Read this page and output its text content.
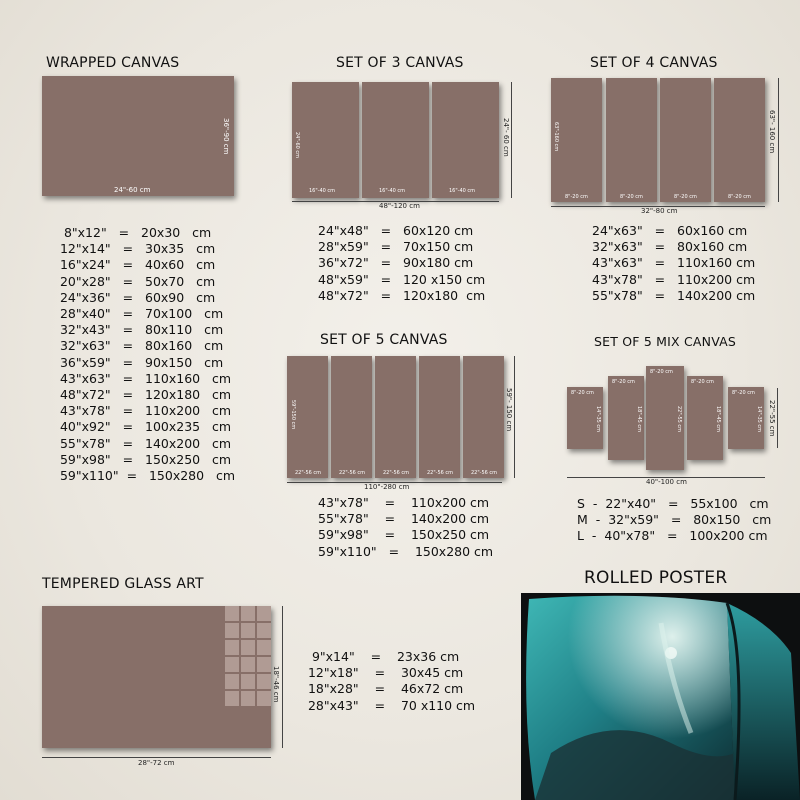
WRAPPED CANVAS
24"-60 cm
36"-90 cm
8"x12"   =   20x30   cm
12"x14"   =   30x35   cm
16"x24"   =   40x60   cm
20"x28"   =   50x70   cm
24"x36"   =   60x90   cm
28"x40"   =   70x100   cm
32"x43"   =   80x110   cm
32"x63"   =   80x160   cm
36"x59"   =   90x150   cm
43"x63"   =   110x160   cm
48"x72"   =   120x180   cm
43"x78"   =   110x200   cm
40"x92"   =   100x235   cm
55"x78"   =   140x200   cm
59"x98"   =   150x250   cm
59"x110"  =   150x280   cm
SET OF 3 CANVAS
16"-40 cm
24"-60 cm
16"-40 cm	16"-40 cm
48"-120 cm
24"- 60 cm
24"x48"   =   60x120 cm
28"x59"   =   70x150 cm
36"x72"   =   90x180 cm
48"x59"   =   120 x150 cm
48"x72"   =   120x180  cm
SET OF 4 CANVAS
8"-20 cm
63"-160 cm
8"-20 cm	8"-20 cm	8"-20 cm
32"-80 cm
63"- 160 cm
24"x63"   =   60x160 cm
32"x63"   =   80x160 cm
43"x63"   =   110x160 cm
43"x78"   =   110x200 cm
55"x78"   =   140x200 cm
SET OF 5 CANVAS
22"-56 cm
59"-150 cm
22"-56 cm	22"-56 cm	22"-56 cm	22"-56 cm
110"-280 cm
59"- 150 cm
43"x78"    =    110x200 cm
55"x78"    =    140x200 cm
59"x98"    =    150x250 cm
59"x110"   =    150x280 cm
SET OF 5 MIX CANVAS
8"-20 cm
14"-35 cm
8"-20 cm
18"-45 cm
8"-20 cm
22"-55 cm
8"-20 cm
18"-45 cm
8"-20 cm
14"-35 cm
40"-100 cm
22"-55 cm
S  -  22"x40"   =   55x100   cm
M  -  32"x59"   =   80x150   cm
L  -  40"x78"   =   100x200 cm
TEMPERED GLASS ART
28"-72 cm
18"-46 cm
9"x14"    =    23x36 cm
12"x18"    =    30x45 cm
18"x28"    =    46x72 cm
28"x43"    =    70 x110 cm
ROLLED POSTER
